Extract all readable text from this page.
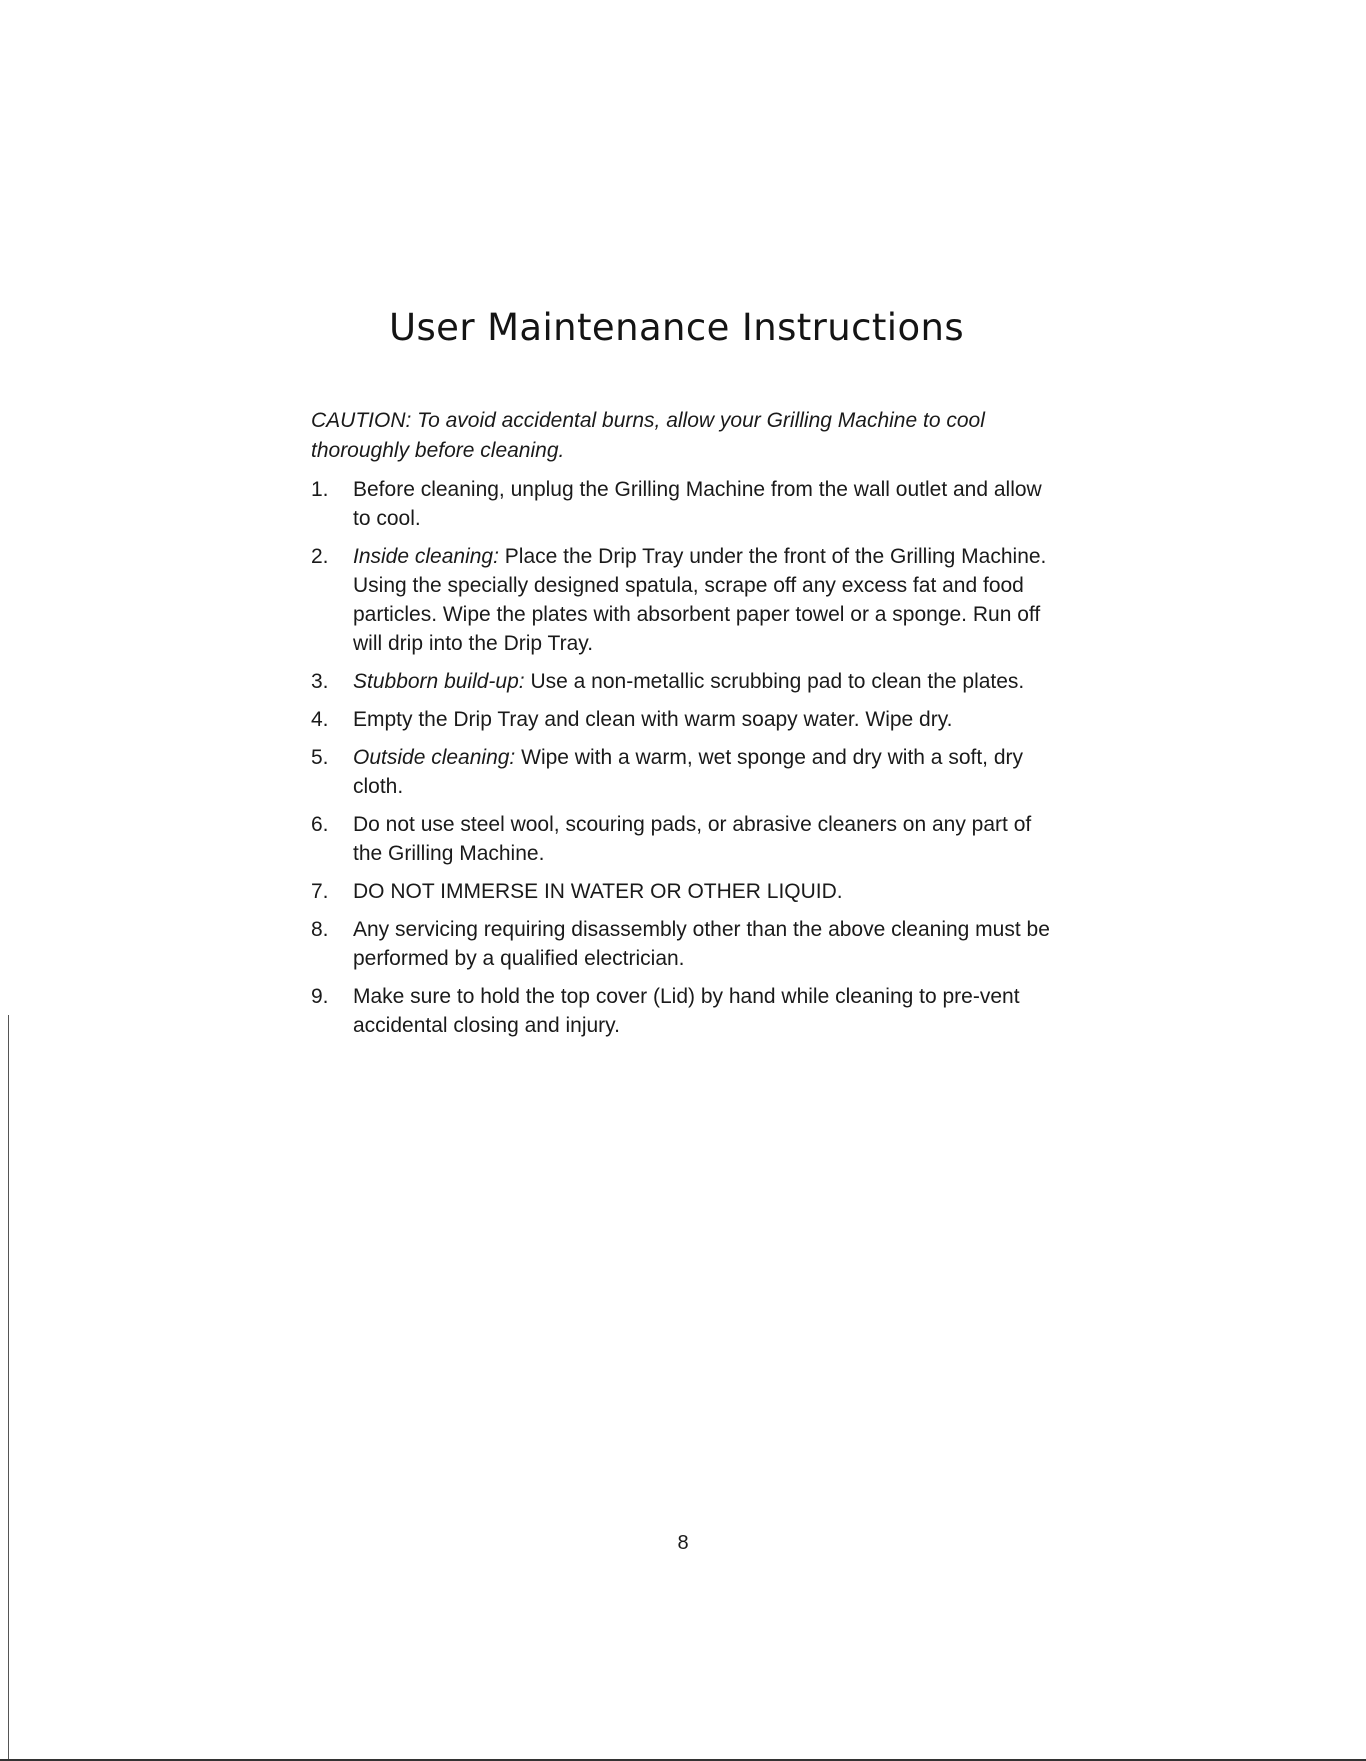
User Maintenance Instructions

CAUTION: To avoid accidental burns, allow your Grilling Machine to cool thoroughly before cleaning.

1. Before cleaning, unplug the Grilling Machine from the wall outlet and allow to cool.
2. Inside cleaning: Place the Drip Tray under the front of the Grilling Machine. Using the specially designed spatula, scrape off any excess fat and food particles. Wipe the plates with absorbent paper towel or a sponge. Run off will drip into the Drip Tray.
3. Stubborn build-up: Use a non-metallic scrubbing pad to clean the plates.
4. Empty the Drip Tray and clean with warm soapy water. Wipe dry.
5. Outside cleaning: Wipe with a warm, wet sponge and dry with a soft, dry cloth.
6. Do not use steel wool, scouring pads, or abrasive cleaners on any part of the Grilling Machine.
7. DO NOT IMMERSE IN WATER OR OTHER LIQUID.
8. Any servicing requiring disassembly other than the above cleaning must be performed by a qualified electrician.
9. Make sure to hold the top cover (Lid) by hand while cleaning to pre-vent accidental closing and injury.
8
